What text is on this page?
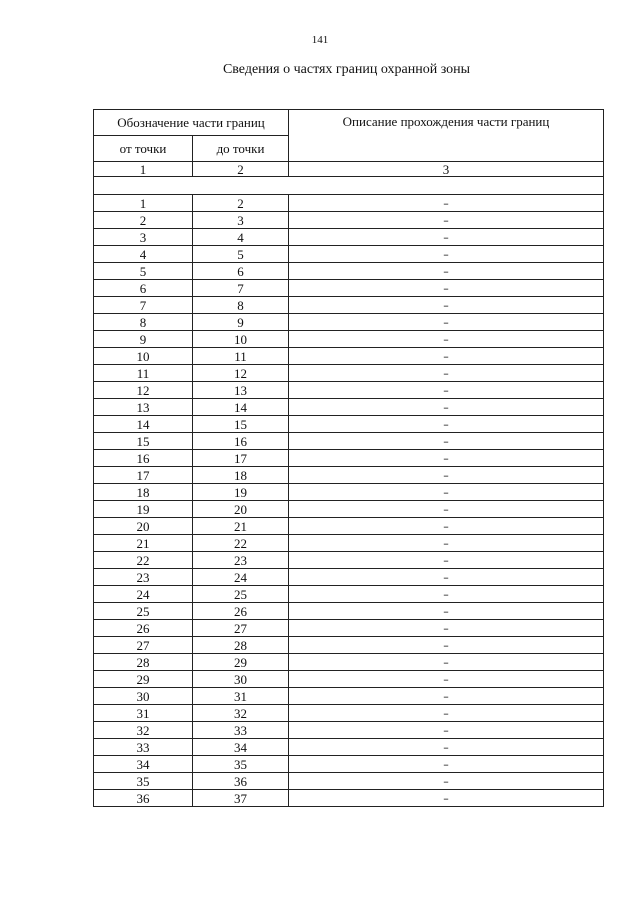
141
Сведения о частях границ охранной зоны
Обозначение части границ		Описание прохождения части границ
от точки	до точки	
1	2	3

1	2	–
2	3	–
3	4	–
4	5	–
5	6	–
6	7	–
7	8	–
8	9	–
9	10	–
10	11	–
11	12	–
12	13	–
13	14	–
14	15	–
15	16	–
16	17	–
17	18	–
18	19	–
19	20	–
20	21	–
21	22	–
22	23	–
23	24	–
24	25	–
25	26	–
26	27	–
27	28	–
28	29	–
29	30	–
30	31	–
31	32	–
32	33	–
33	34	–
34	35	–
35	36	–
36	37	–
